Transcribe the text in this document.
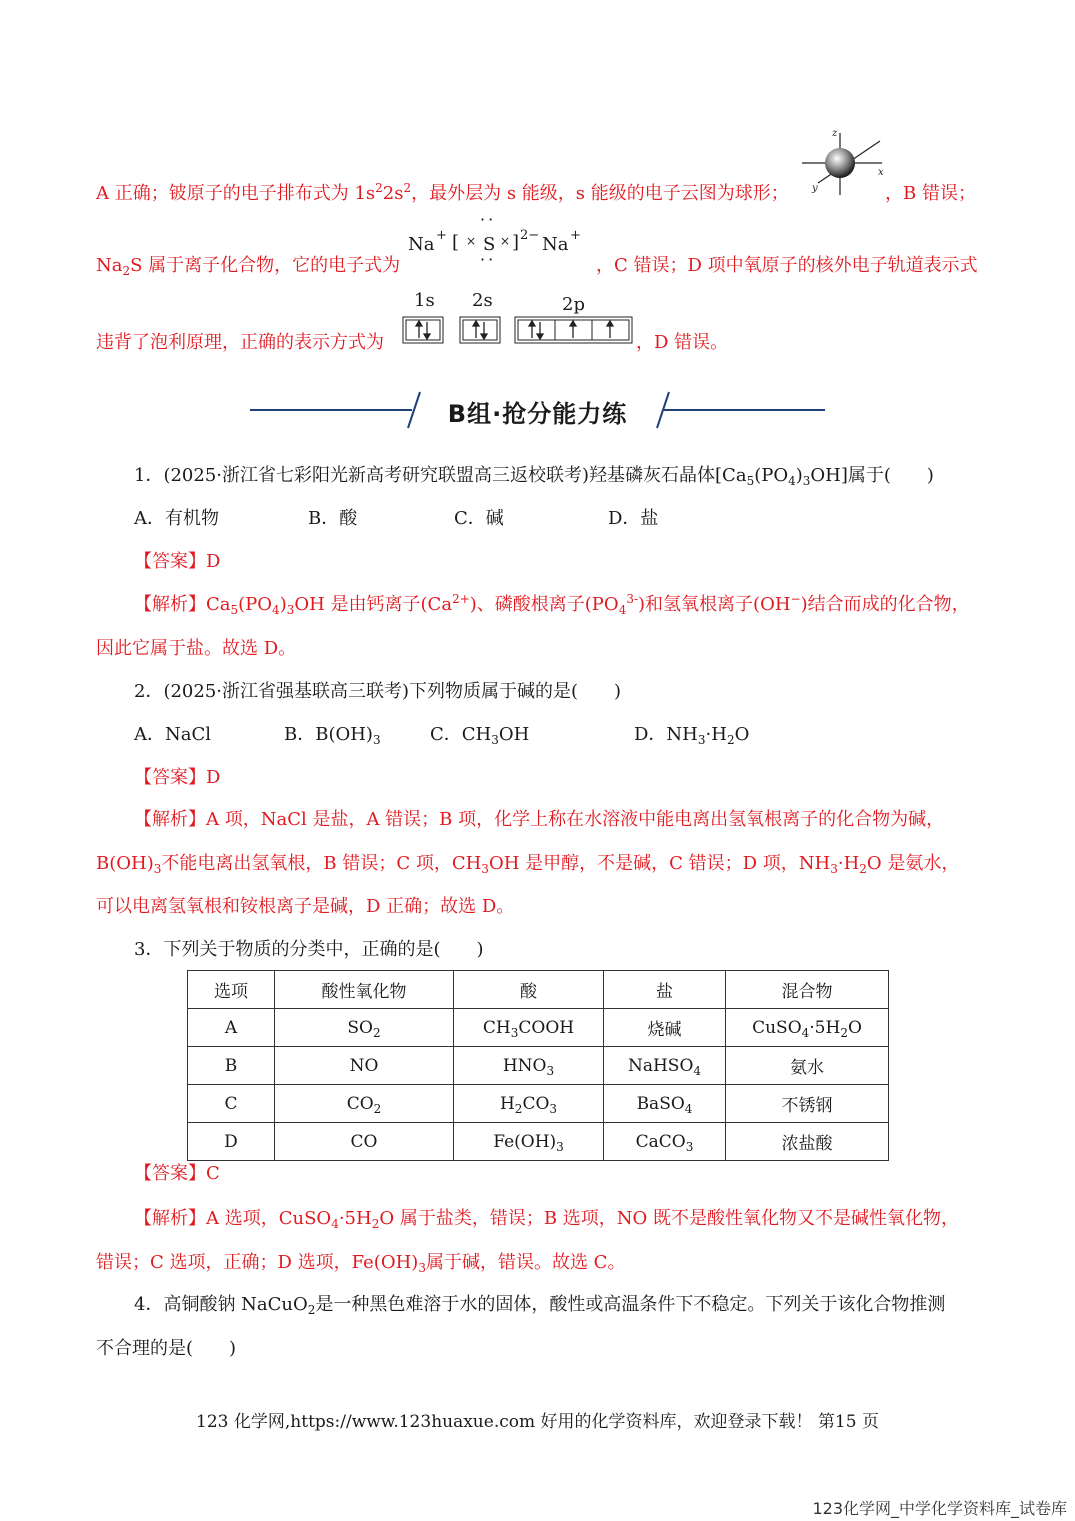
A 正确；铍原子的电子排布式为 $1s^22s^2$，最外层为 s 能级，s 能级的电子云图为球形；
z
x
y	，B 错误；
Na + [
··
× S ×
··
] 2− Na +
$Na_2S$ 属于离子化合物，它的电子式为	，C 错误；D 项中氧原子的核外电子轨道表示式
1s 2s	2p
违背了泡利原理，正确的表示方式为	，D 错误。
B组·抢分能力练
1．(2025·浙江省七彩阳光新高考研究联盟高三返校联考)羟基磷灰石晶体$[Ca_5(PO_4)_3OH]$属于(　　)
A．有机物	B．酸	C．碱	D．盐
【答案】D
【解析】$Ca_5(PO_4)_3OH$ 是由钙离子$(Ca^{2+})$、磷酸根离子$(PO_4^{3-})$和氢氧根离子(OH−)结合而成的化合物，
因此它属于盐。故选 D。
2．(2025·浙江省强基联高三联考)下列物质属于碱的是(　　)
A．NaCl	B．$B(OH)_3$	C．$CH_3OH$	D．$NH_3\cdot H_2O$
【答案】D
【解析】A 项，NaCl 是盐，A 错误；B 项，化学上称在水溶液中能电离出氢氧根离子的化合物为碱，
$B(OH)_3$不能电离出氢氧根，B 错误；C 项，$CH_3OH$ 是甲醇，不是碱，C 错误；D 项，$NH_3\cdot H_2O$ 是氨水，
可以电离氢氧根和铵根离子是碱，D 正确；故选 D。
3．下列关于物质的分类中，正确的是(　　)
选项	酸性氧化物	酸	盐	混合物
A	$SO_2$	$CH_3COOH$	烧碱	$CuSO_4\cdot 5H_2O$
B	NO	$HNO_3$	NaHSO$_4$	氨水
C	$CO_2$	$H_2CO_3$	BaSO$_4$	不锈钢
D	CO	$Fe(OH)_3$	CaCO$_3$	浓盐酸
【答案】C
【解析】A 选项，$CuSO_4\cdot 5H_2O$ 属于盐类，错误；B 选项，NO 既不是酸性氧化物又不是碱性氧化物，
错误；C 选项，正确；D 选项，$Fe(OH)_3$属于碱，错误。故选 C。
4．高铜酸钠 NaCuO$_2$是一种黑色难溶于水的固体，酸性或高温条件下不稳定。下列关于该化合物推测
不合理的是(　　)
123 化学网,https://www.123huaxue.com 好用的化学资料库，欢迎登录下载！ 第15 页
123化学网_中学化学资料库_试卷库
